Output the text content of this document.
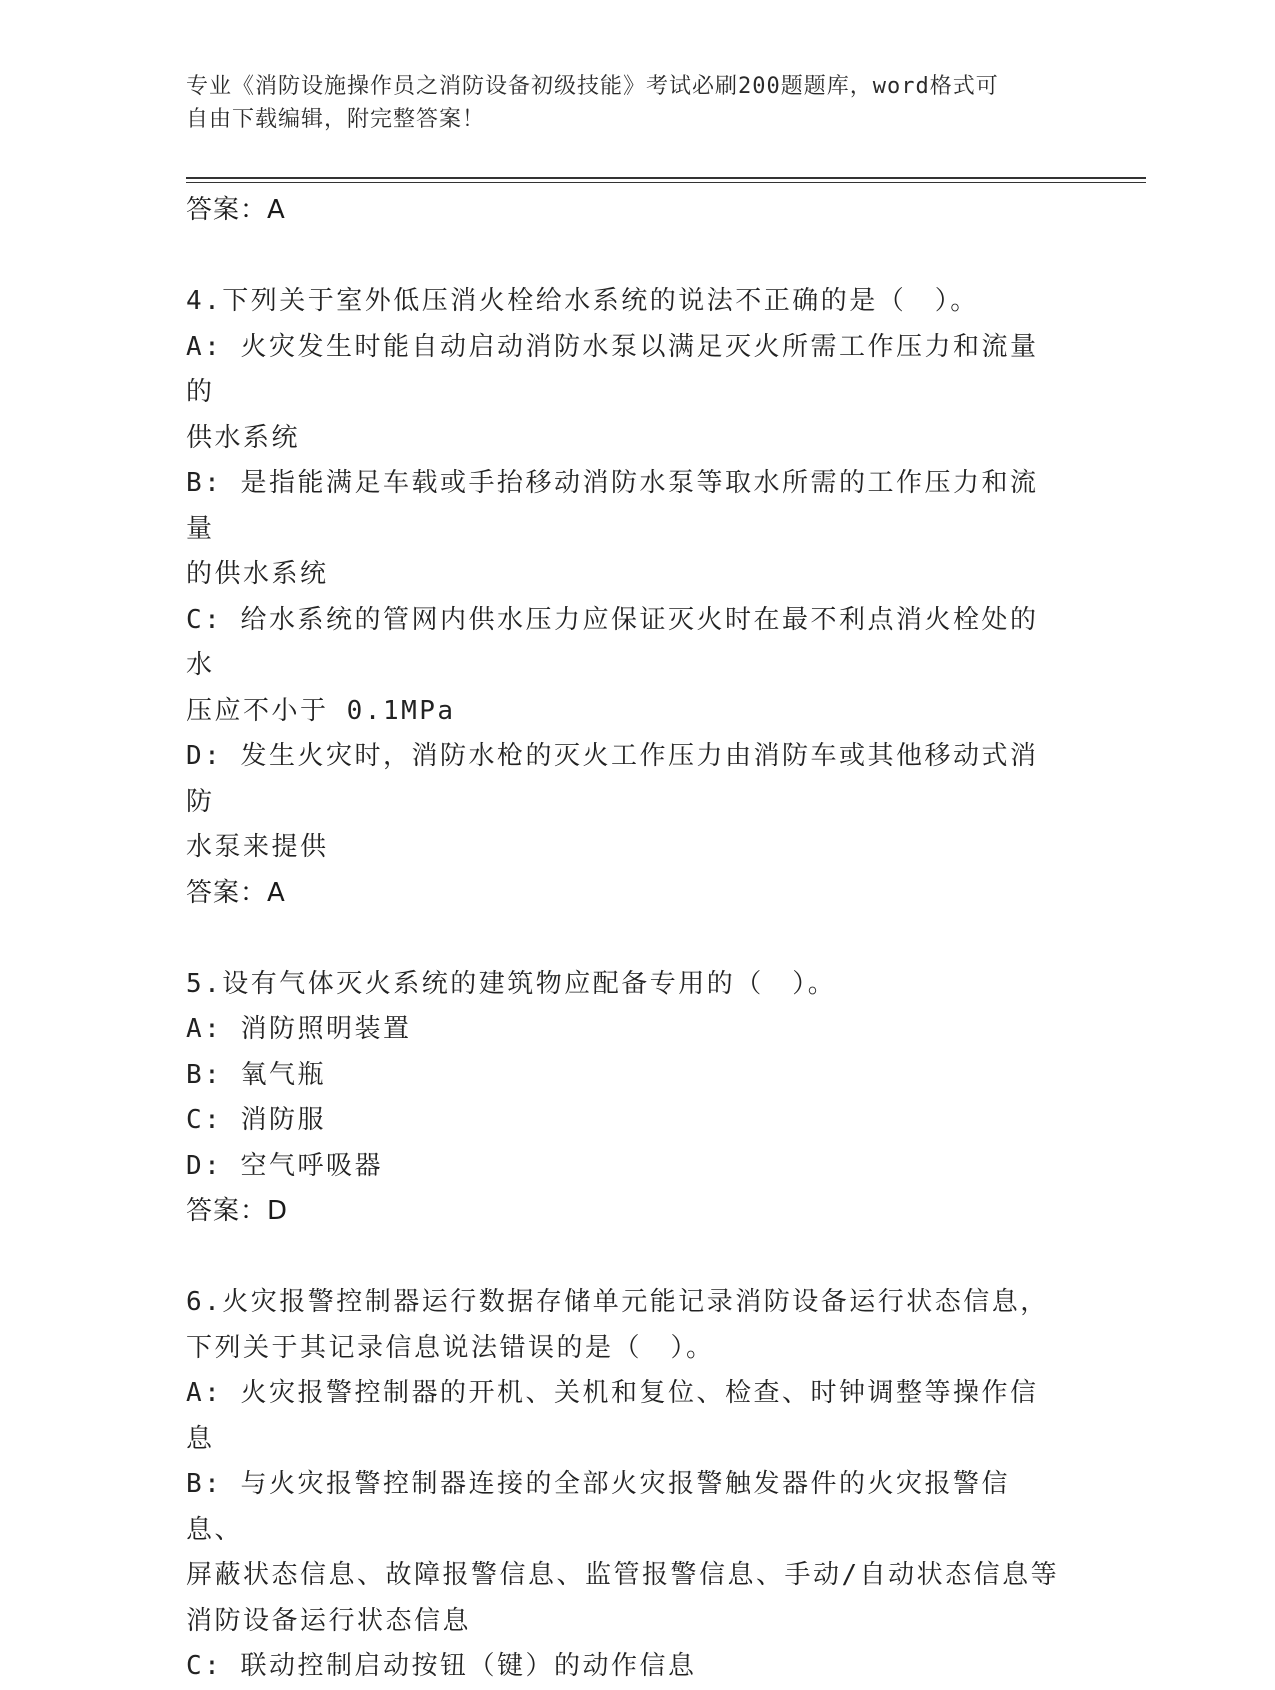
专业《消防设施操作员之消防设备初级技能》考试必刷200题题库，word格式可
自由下载编辑，附完整答案！
答案：A
4.下列关于室外低压消火栓给水系统的说法不正确的是（　）。
A: 火灾发生时能自动启动消防水泵以满足灭火所需工作压力和流量的
供水系统
B: 是指能满足车载或手抬移动消防水泵等取水所需的工作压力和流量
的供水系统
C: 给水系统的管网内供水压力应保证灭火时在最不利点消火栓处的水
压应不小于 0.1MPa
D: 发生火灾时，消防水枪的灭火工作压力由消防车或其他移动式消防
水泵来提供
答案：A
5.设有气体灭火系统的建筑物应配备专用的（　）。
A: 消防照明装置
B: 氧气瓶
C: 消防服
D: 空气呼吸器
答案：D
6.火灾报警控制器运行数据存储单元能记录消防设备运行状态信息，
下列关于其记录信息说法错误的是（　）。
A: 火灾报警控制器的开机、关机和复位、检查、时钟调整等操作信息
B: 与火灾报警控制器连接的全部火灾报警触发器件的火灾报警信息、
屏蔽状态信息、故障报警信息、监管报警信息、手动/自动状态信息等
消防设备运行状态信息
C: 联动控制启动按钮（键）的动作信息
